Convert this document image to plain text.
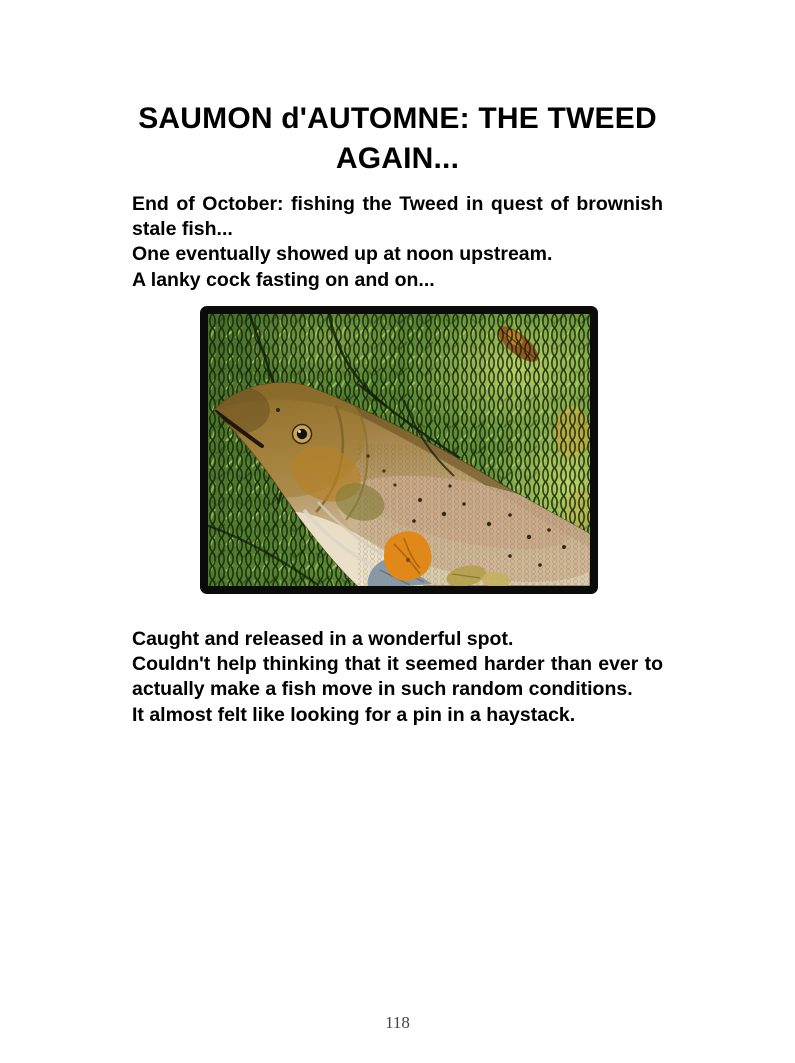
SAUMON d'AUTOMNE: THE TWEED
AGAIN...
End of October: fishing the Tweed in quest of brownish
stale fish...
One eventually showed up at noon upstream.
A lanky cock fasting on and on...
Caught and released in a wonderful spot.
Couldn't help thinking that it seemed harder than ever to
actually make a fish move in such random conditions.
It almost felt like looking for a pin in a haystack.
118
